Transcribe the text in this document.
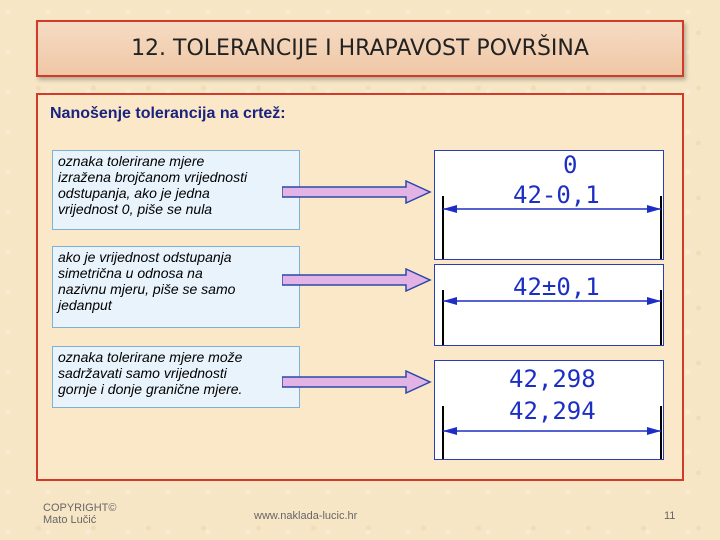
12. TOLERANCIJE I HRAPAVOST POVRŠINA
Nanošenje tolerancija na crtež:
oznaka tolerirane mjere
izražena brojčanom vrijednosti
odstupanja, ako je jedna
vrijednost 0, piše se nula
0
42-0,1
ako je vrijednost odstupanja
simetrična u odnosa na
nazivnu mjeru, piše se samo
jedanput
42±0,1
oznaka tolerirane mjere može
sadržavati samo vrijednosti
gornje i donje granične mjere.	42,298
42,294
COPYRIGHT©
Mato Lučić	www.naklada-lucic.hr	11
